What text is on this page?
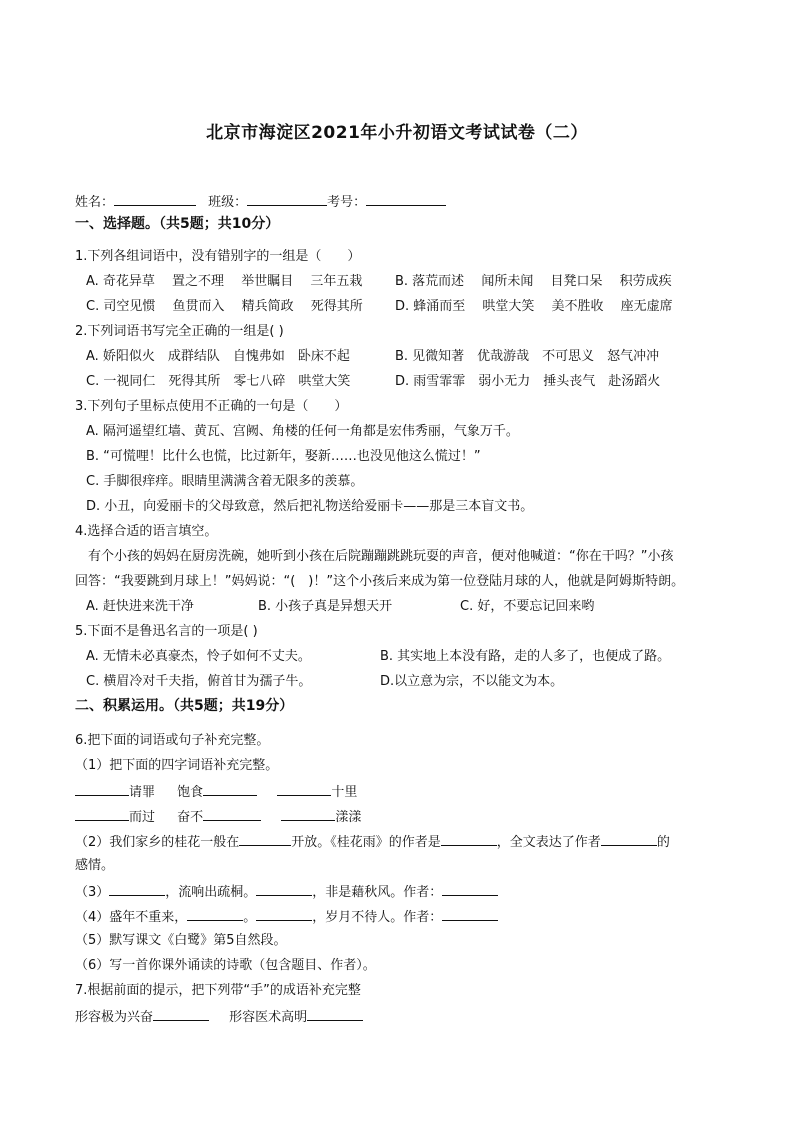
北京市海淀区2021年小升初语文考试试卷（二）
姓名：	班级：	考号：
一、选择题。（共5题；共10分）
1.下列各组词语中，没有错别字的一组是（　　）
A. 奇花异草　 置之不理　 举世瞩目　 三年五栽	B. 落荒而述　 闻所未闻　 目凳口呆　 积劳成疾
C. 司空见惯　 鱼贯而入　 精兵简政　 死得其所 D. 蜂涌而至　 哄堂大笑　 美不胜收　 座无虚席
2.下列词语书写完全正确的一组是( )
A. 娇阳似火　成群结队　自愧弗如　卧床不起	B. 见微知著　优哉游哉　不可思义　怒气冲冲
C. 一视同仁　死得其所　零七八碎　哄堂大笑	D. 雨雪霏霏　弱小无力　捶头丧气　赴汤蹈火
3.下列句子里标点使用不正确的一句是（　　）
A. 隔河遥望红墙、黄瓦、宫阙、角楼的任何一角都是宏伟秀丽，气象万千。
B. “可慌哩！比什么也慌，比过新年，娶新……也没见他这么慌过！”
C. 手脚很痒痒。眼睛里满满含着无限多的羡慕。
D. 小丑，向爱丽卡的父母致意，然后把礼物送给爱丽卡——那是三本盲文书。
4.选择合适的语言填空。
　有个小孩的妈妈在厨房洗碗，她听到小孩在后院蹦蹦跳跳玩耍的声音，便对他喊道：“你在干吗？”小孩
回答：“我要跳到月球上！”妈妈说：“(　)！”这个小孩后来成为第一位登陆月球的人，他就是阿姆斯特朗。
A. 赶快进来洗干净	B. 小孩子真是异想天开	C. 好，不要忘记回来哟
5.下面不是鲁迅名言的一项是( )
A. 无情未必真豪杰，怜子如何不丈夫。	B. 其实地上本没有路，走的人多了，也便成了路。
C. 横眉冷对千夫指，俯首甘为孺子牛。	D.以立意为宗，不以能文为本。
二、积累运用。（共5题；共19分）
6.把下面的词语或句子补充完整。
（1）把下面的四字词语补充完整。
请罪 饱食	十里
而过 奋不	漾漾
（2）我们家乡的桂花一般在	开放。《桂花雨》的作者是	，全文表达了作者	的
感情。
（3）	，流响出疏桐。	，非是藉秋风。作者：
（4）盛年不重来，	。	，岁月不待人。作者：
（5）默写课文《白鹭》第5自然段。
（6）写一首你课外诵读的诗歌（包含题目、作者）。
7.根据前面的提示，把下列带“手”的成语补充完整
形容极为兴奋	形容医术高明
